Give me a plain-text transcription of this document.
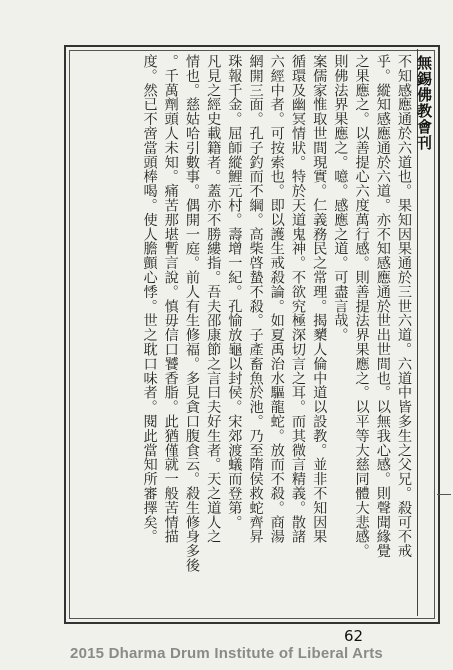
無錫佛教會刊
不知感應通於六道也。果知因果通於三世六道。六道中皆多生之父兄。殺可不戒
乎。縱知感應通於六道。亦不知感應通於世出世間也。以無我心感。則聲聞緣覺
之果應之。以善提心六度萬行感。則善提法界果應之。以平等大慈同體大悲感。
則佛法界果應之。噫。感應之道。可盡言哉。
案儒家惟取世間現實。仁義務民之常理。揭櫫人倫中道以設教。並非不知因果
循環及幽冥情狀。特於天道鬼神。不欲究極深切言之耳。而其微言精義。散諸
六經中者。可按索也。即以護生戒殺論。如夏禹治水驅龍蛇。放而不殺。商湯
網開三面。孔子釣而不綱。高柴啓蟄不殺。子產畜魚於池。乃至隋侯救蛇齊昇
珠報千金。屈師縱鯉元村。壽增一紀。孔愉放龜以封侯。宋郊渡蟻而登第。
凡見之經史載籍者。蓋亦不勝縷指。吾夫邵康節之言曰夫好生者。天之道人之
情也。慈姑哈引數事。偶開一庭。前人有生修福。多見貪口腹食云。殺生修身多後
。千萬劑頭人未知。痛苦那堪暫言說。慎毋信口饕香脂。此猶僅就一般苦情描
度。然已不啻當頭棒喝。使人膽顫心悸。世之耽口味者。閱此當知所審擇矣。
62
2015 Dharma Drum Institute of Liberal Arts
